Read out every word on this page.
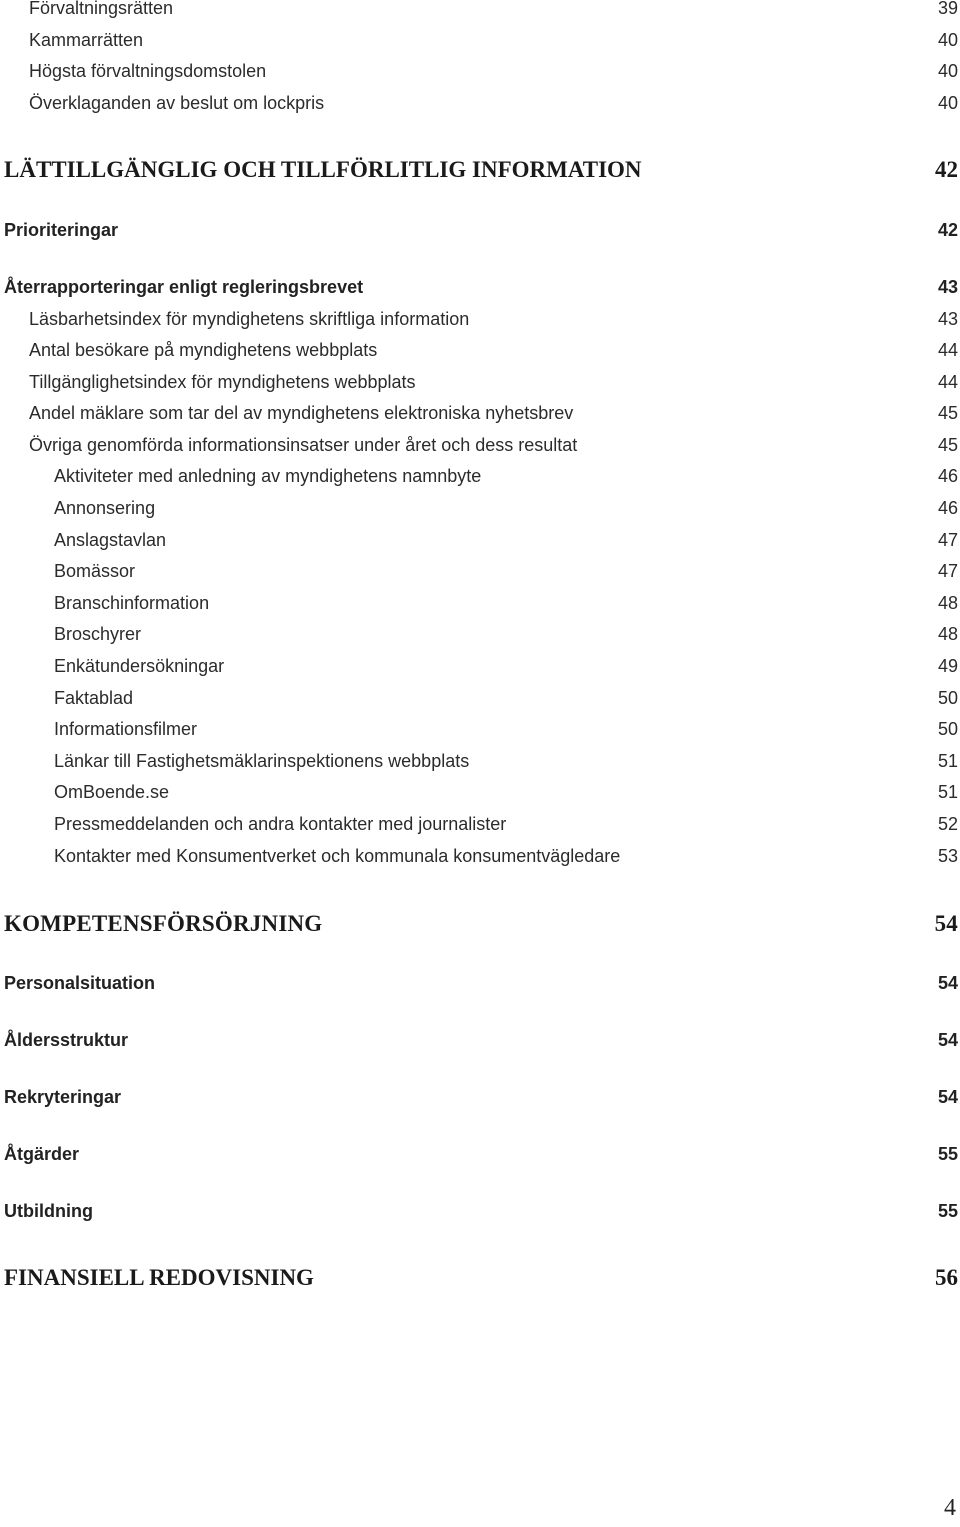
Förvaltningsrätten	39
Kammarrätten	40
Högsta förvaltningsdomstolen	40
Överklaganden av beslut om lockpris	40
LÄTTILLGÄNGLIG OCH TILLFÖRLITLIG INFORMATION	42
Prioriteringar	42
Återrapporteringar enligt regleringsbrevet	43
Läsbarhetsindex för myndighetens skriftliga information	43
Antal besökare på myndighetens webbplats	44
Tillgänglighetsindex för myndighetens webbplats	44
Andel mäklare som tar del av myndighetens elektroniska nyhetsbrev	45
Övriga genomförda informationsinsatser under året och dess resultat	45
Aktiviteter med anledning av myndighetens namnbyte	46
Annonsering	46
Anslagstavlan	47
Bomässor	47
Branschinformation	48
Broschyrer	48
Enkätundersökningar	49
Faktablad	50
Informationsfilmer	50
Länkar till Fastighetsmäklarinspektionens webbplats	51
OmBoende.se	51
Pressmeddelanden och andra kontakter med journalister	52
Kontakter med Konsumentverket och kommunala konsumentvägledare	53
KOMPETENSFÖRSÖRJNING	54
Personalsituation	54
Åldersstruktur	54
Rekryteringar	54
Åtgärder	55
Utbildning	55
FINANSIELL REDOVISNING	56
4
